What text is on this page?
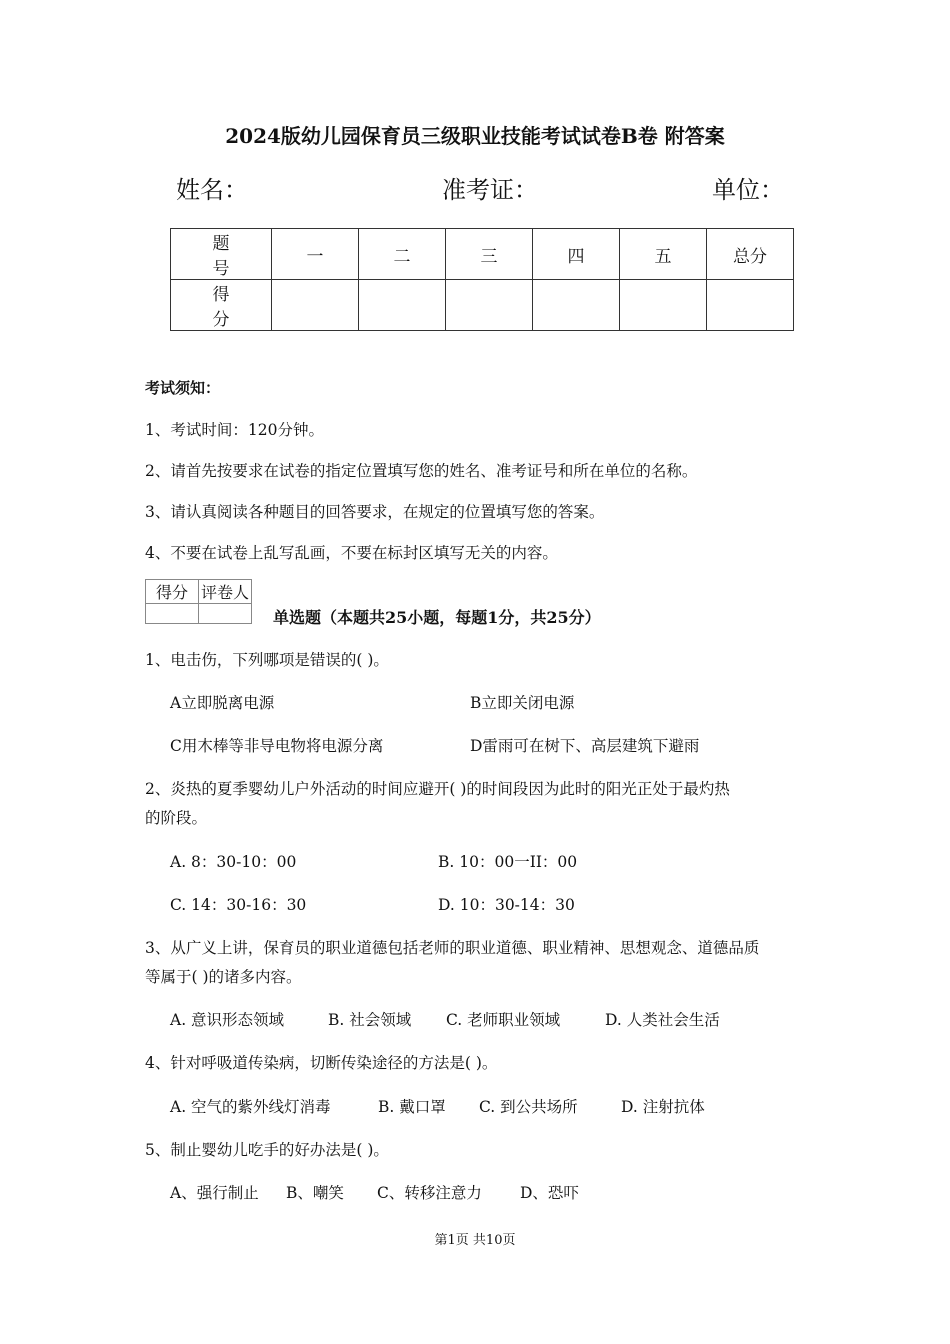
2024版幼儿园保育员三级职业技能考试试卷B卷 附答案
姓名：	准考证：	单位：
题　号	一	二	三	四	五	总分
得　分						
考试须知：
1、考试时间：120分钟。
2、请首先按要求在试卷的指定位置填写您的姓名、准考证号和所在单位的名称。
3、请认真阅读各种题目的回答要求，在规定的位置填写您的答案。
4、不要在试卷上乱写乱画，不要在标封区填写无关的内容。
得分	评卷人

单选题（本题共25小题，每题1分，共25分）
1、电击伤，下列哪项是错误的( )。
A立即脱离电源	B立即关闭电源
C用木棒等非导电物将电源分离	D雷雨可在树下、高层建筑下避雨
2、炎热的夏季婴幼儿户外活动的时间应避开( )的时间段因为此时的阳光正处于最灼热
的阶段。
A. 8：30-10：00	B. 10：00一II：00
C. 14：30-16：30	D. 10：30-14：30
3、从广义上讲，保育员的职业道德包括老师的职业道德、职业精神、思想观念、道德品质
等属于( )的诸多内容。
A. 意识形态领域	B. 社会领域 C. 老师职业领域	D. 人类社会生活
4、针对呼吸道传染病，切断传染途径的方法是( )。
A. 空气的紫外线灯消毒	B. 戴口罩 C. 到公共场所	D. 注射抗体
5、制止婴幼儿吃手的好办法是( )。
A、强行制止 B、嘲笑 C、转移注意力 D、恐吓
第1页 共10页
